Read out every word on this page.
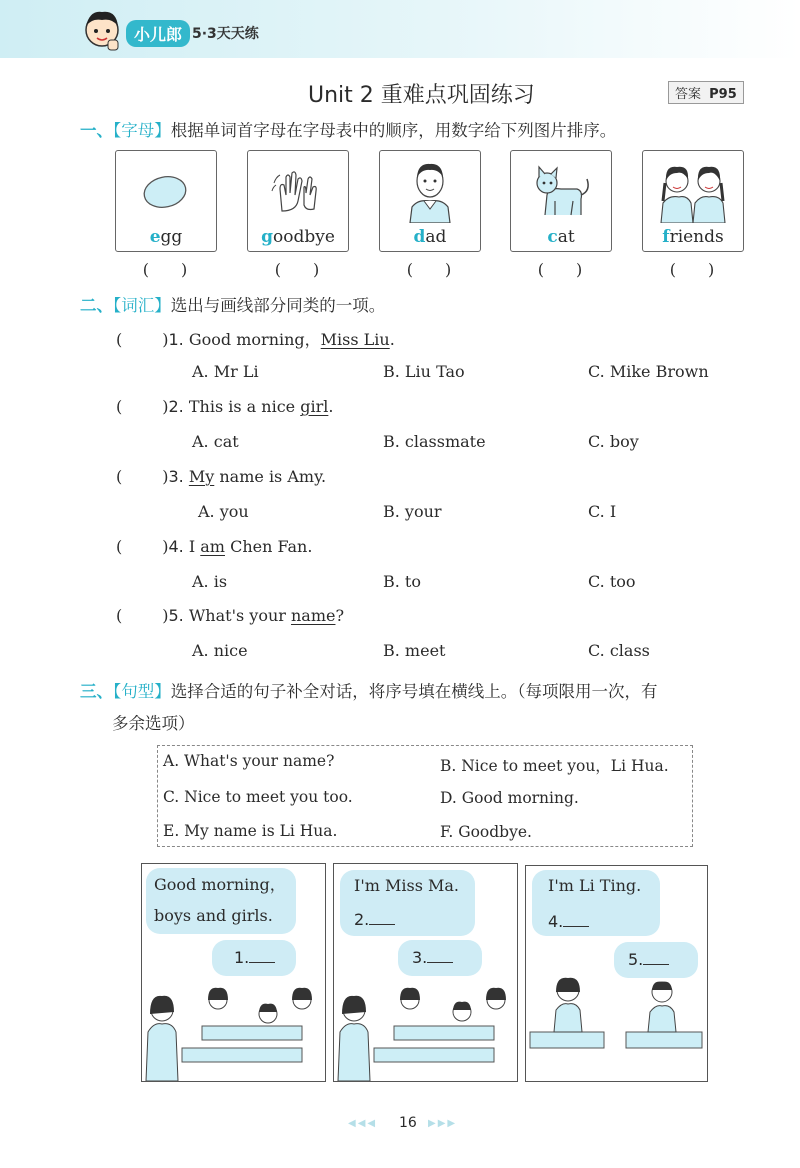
小儿郎 5·3天天练
Unit 2 重难点巩固练习	答案 P95
一、【字母】根据单词首字母在字母表中的顺序，用数字给下列图片排序。
egg	goodbye	dad	cat	friends
(　　)	(　　)	(　　)	(　　)	(　　)
二、【词汇】选出与画线部分同类的一项。
(	)1. Good morning，Miss Liu.
A. Mr Li	B. Liu Tao	C. Mike Brown
(	)2. This is a nice girl.
A. cat	B. classmate	C. boy
(	)3. My name is Amy.
A. you	B. your	C. I
(	)4. I am Chen Fan.
A. is	B. to	C. too
(	)5. What's your name?
A. nice	B. meet	C. class
三、【句型】选择合适的句子补全对话，将序号填在横线上。（每项限用一次，有
多余选项）
A. What's your name?	B. Nice to meet you，Li Hua.
C. Nice to meet you too.	D. Good morning.
E. My name is Li Hua.	F. Goodbye.
Good morning，
boys and girls.
1.
I'm Miss Ma.
2.
3.
I'm Li Ting.
4.
5.
◀◀◀ 16 ▶▶▶
